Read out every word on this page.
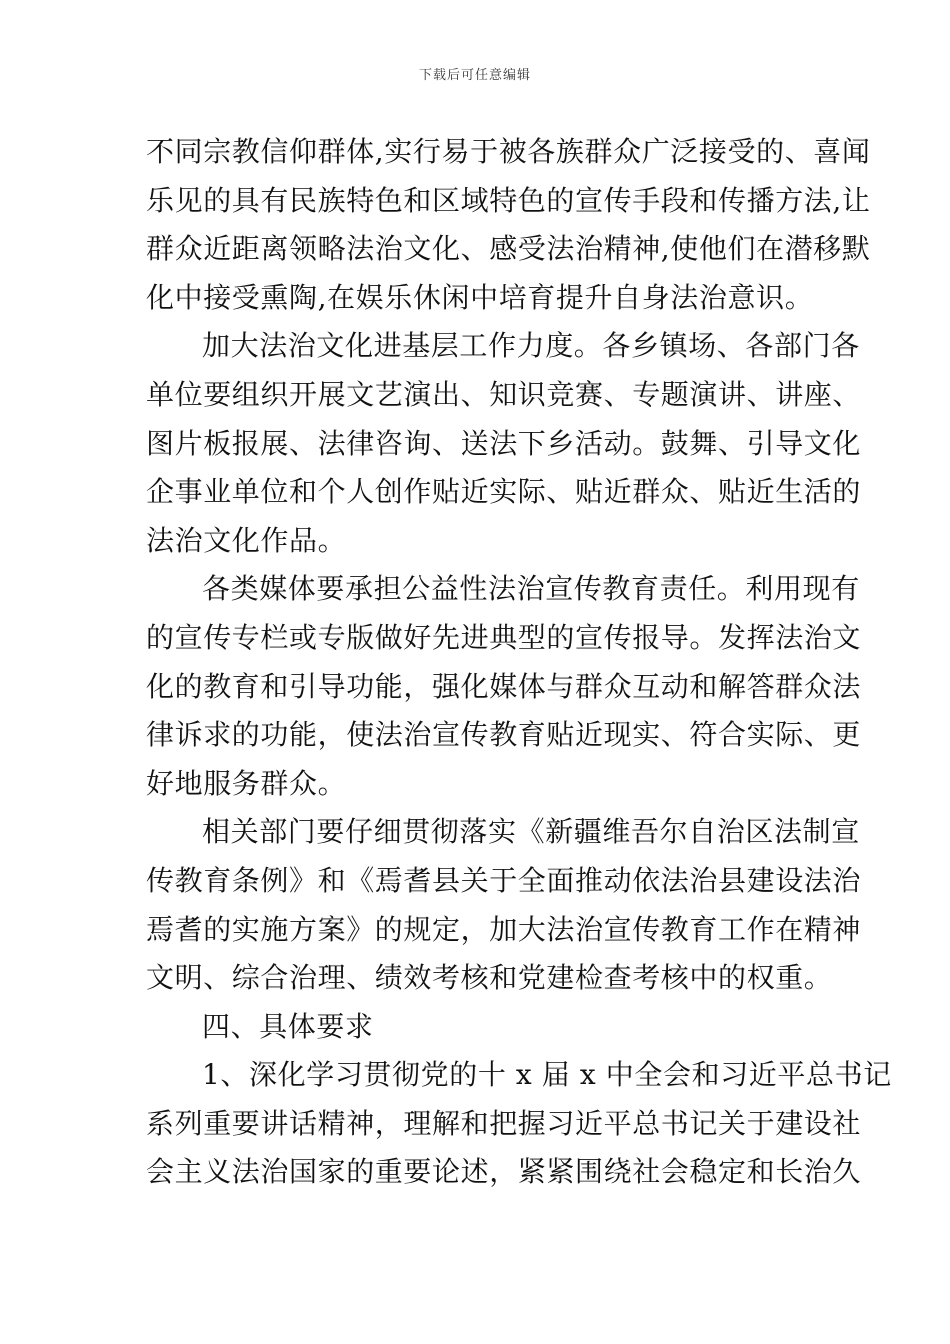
下载后可任意编辑
不同宗教信仰群体,实行易于被各族群众广泛接受的、喜闻
乐见的具有民族特色和区域特色的宣传手段和传播方法,让
群众近距离领略法治文化、感受法治精神,使他们在潜移默
化中接受熏陶,在娱乐休闲中培育提升自身法治意识。
加大法治文化进基层工作力度。各乡镇场、各部门各
单位要组织开展文艺演出、知识竞赛、专题演讲、讲座、
图片板报展、法律咨询、送法下乡活动。鼓舞、引导文化
企事业单位和个人创作贴近实际、贴近群众、贴近生活的
法治文化作品。
各类媒体要承担公益性法治宣传教育责任。利用现有
的宣传专栏或专版做好先进典型的宣传报导。发挥法治文
化的教育和引导功能，强化媒体与群众互动和解答群众法
律诉求的功能，使法治宣传教育贴近现实、符合实际、更
好地服务群众。
相关部门要仔细贯彻落实《新疆维吾尔自治区法制宣
传教育条例》和《焉耆县关于全面推动依法治县建设法治
焉耆的实施方案》的规定，加大法治宣传教育工作在精神
文明、综合治理、绩效考核和党建检查考核中的权重。
四、具体要求
1、深化学习贯彻党的十 x 届 x 中全会和习近平总书记
系列重要讲话精神，理解和把握习近平总书记关于建设社
会主义法治国家的重要论述，紧紧围绕社会稳定和长治久
